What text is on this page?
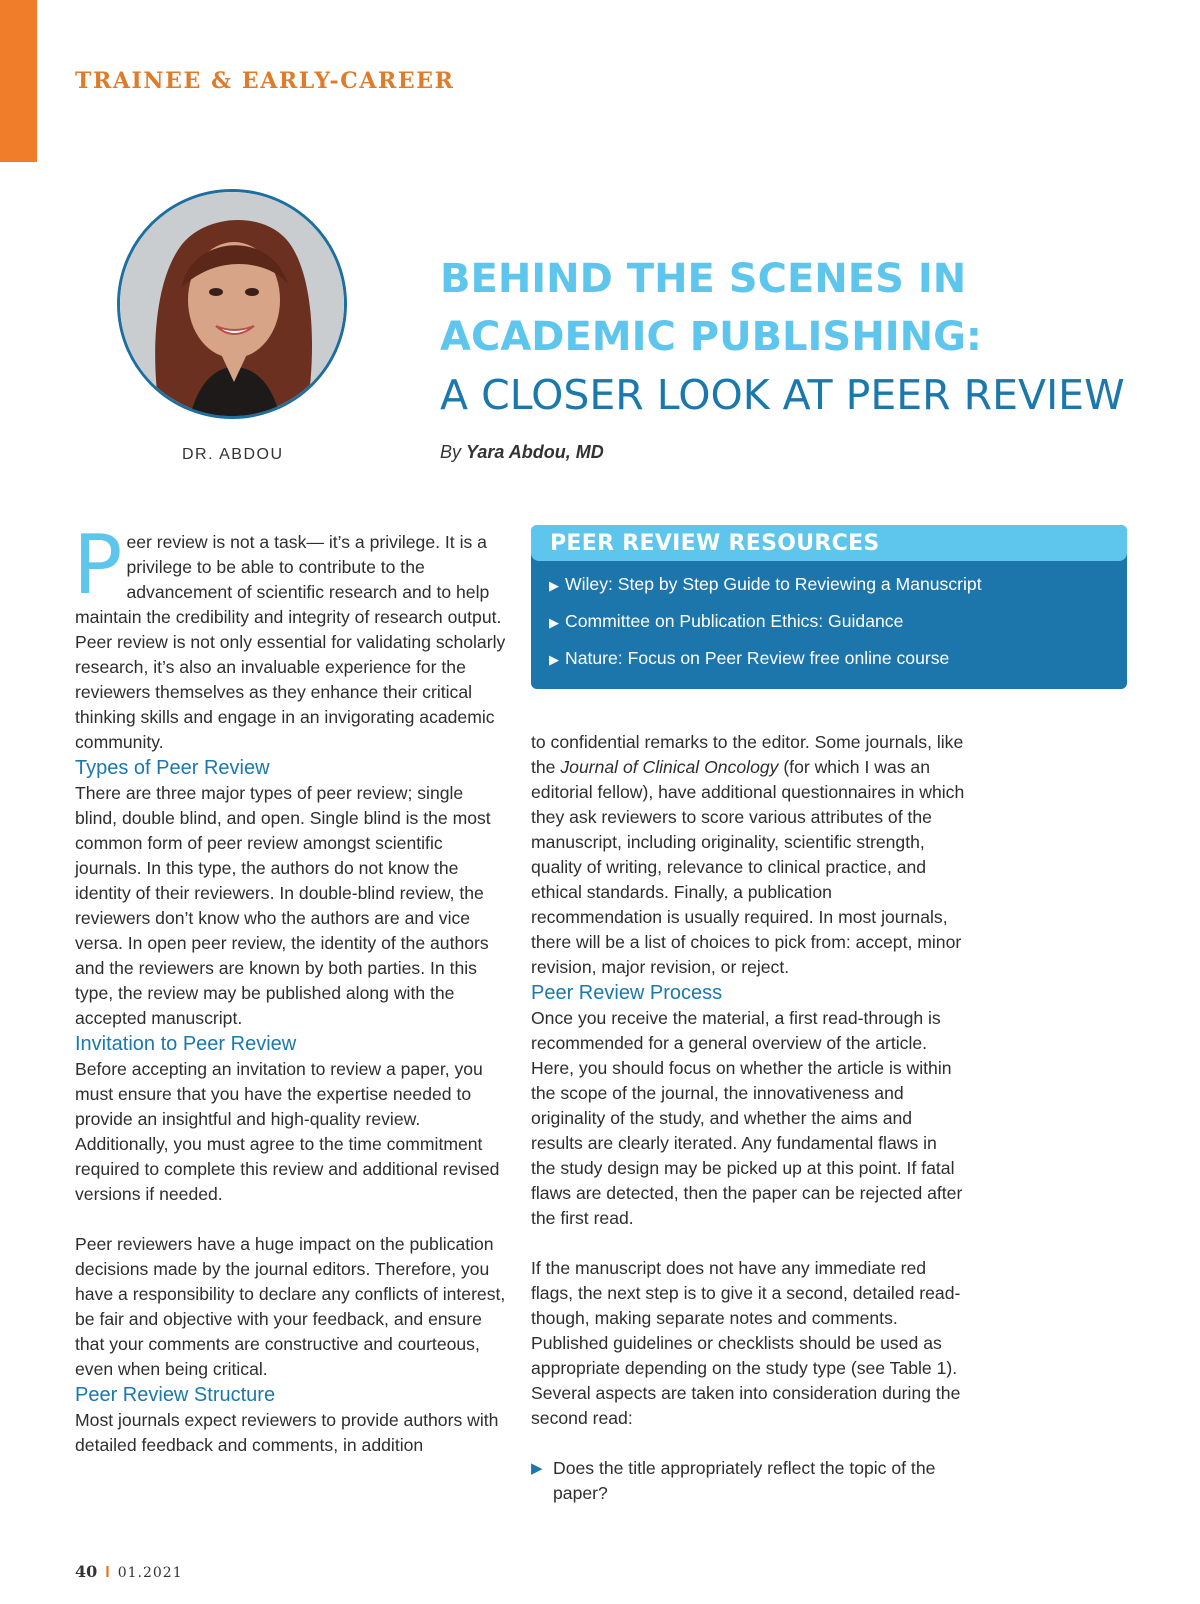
TRAINEE & EARLY-CAREER
DR. ABDOU
BEHIND THE SCENES IN
ACADEMIC PUBLISHING:
A CLOSER LOOK AT PEER REVIEW
By Yara Abdou, MD
PEER REVIEW RESOURCES
▶ Wiley: Step by Step Guide to Reviewing a Manuscript
▶ Committee on Publication Ethics: Guidance
▶ Nature: Focus on Peer Review free online course

Peer review is not a task— it’s a privilege. It is a privilege to be able to contribute to the advancement of scientific research and to help maintain the credibility and integrity of research output. Peer review is not only essential for validating scholarly research, it’s also an invaluable experience for the reviewers themselves as they enhance their critical thinking skills and engage in an invigorating academic community.

Types of Peer Review

There are three major types of peer review; single blind, double blind, and open. Single blind is the most common form of peer review amongst scientific journals. In this type, the authors do not know the identity of their reviewers. In double-blind review, the reviewers don’t know who the authors are and vice versa. In open peer review, the identity of the authors and the reviewers are known by both parties. In this type, the review may be published along with the accepted manuscript.

Invitation to Peer Review

Before accepting an invitation to review a paper, you must ensure that you have the expertise needed to provide an insightful and high-quality review. Additionally, you must agree to the time commitment required to complete this review and additional revised versions if needed.

Peer reviewers have a huge impact on the publication decisions made by the journal editors. Therefore, you have a responsibility to declare any conflicts of interest, be fair and objective with your feedback, and ensure that your comments are constructive and courteous, even when being critical.

Peer Review Structure

Most journals expect reviewers to provide authors with detailed feedback and comments, in addition

to confidential remarks to the editor. Some journals, like the Journal of Clinical Oncology (for which I was an editorial fellow), have additional questionnaires in which they ask reviewers to score various attributes of the manuscript, including originality, scientific strength, quality of writing, relevance to clinical practice, and ethical standards. Finally, a publication recommendation is usually required. In most journals, there will be a list of choices to pick from: accept, minor revision, major revision, or reject.

Peer Review Process

Once you receive the material, a first read-through is recommended for a general overview of the article. Here, you should focus on whether the article is within the scope of the journal, the innovativeness and originality of the study, and whether the aims and results are clearly iterated. Any fundamental flaws in the study design may be picked up at this point. If fatal flaws are detected, then the paper can be rejected after the first read.

If the manuscript does not have any immediate red flags, the next step is to give it a second, detailed read-though, making separate notes and comments. Published guidelines or checklists should be used as appropriate depending on the study type (see Table 1). Several aspects are taken into consideration during the second read:

▶ Does the title appropriately reflect the topic of the paper?

40 I 01.2021
